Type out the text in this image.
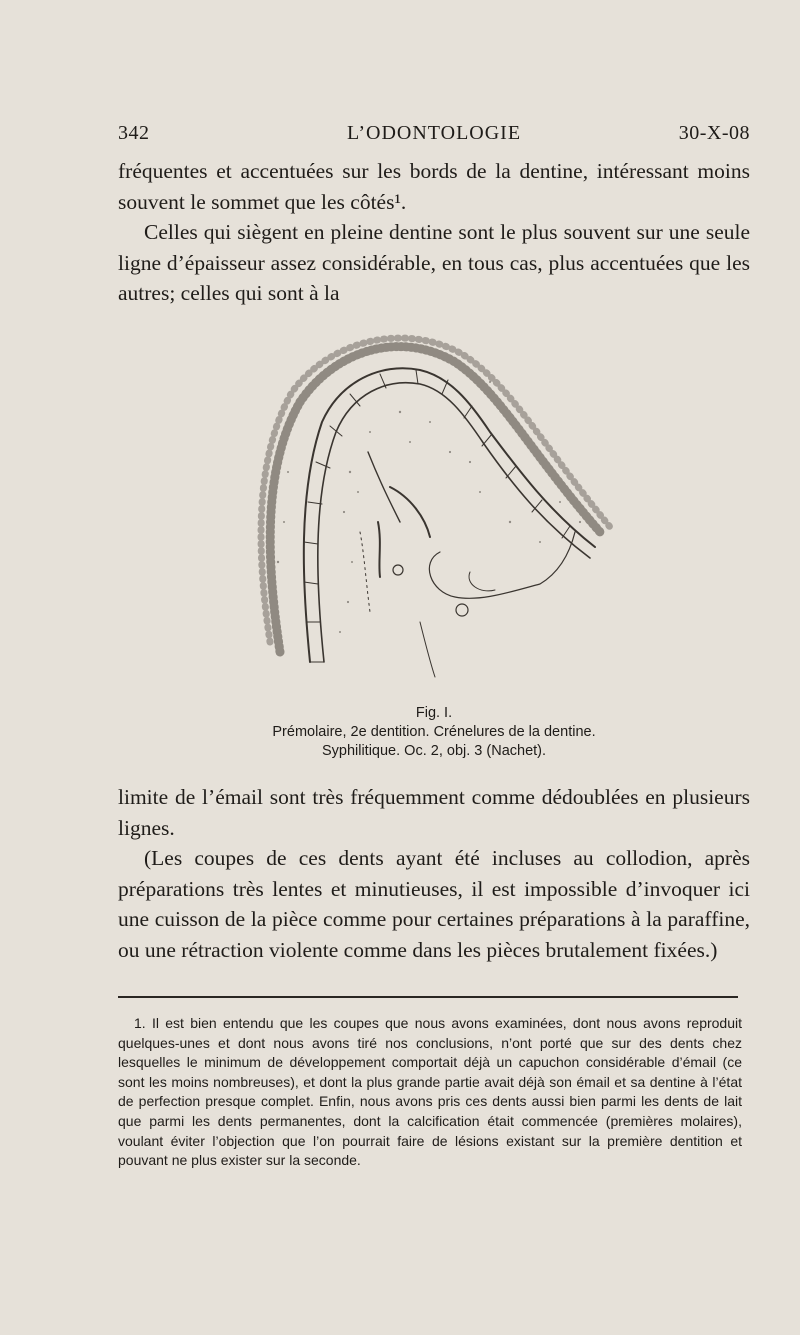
342	L’ODONTOLOGIE	30-X-08

fréquentes et accentuées sur les bords de la dentine, intéressant moins souvent le sommet que les côtés¹.

Celles qui siègent en pleine dentine sont le plus souvent sur une seule ligne d’épaisseur assez considérable, en tous cas, plus accentuées que les autres; celles qui sont à la

Fig. I.
Prémolaire, 2e dentition. Crénelures de la dentine.
Syphilitique. Oc. 2, obj. 3 (Nachet).

limite de l’émail sont très fréquemment comme dédoublées en plusieurs lignes.

(Les coupes de ces dents ayant été incluses au collodion, après préparations très lentes et minutieuses, il est impossible d’invoquer ici une cuisson de la pièce comme pour certaines préparations à la paraffine, ou une rétraction violente comme dans les pièces brutalement fixées.)

1. Il est bien entendu que les coupes que nous avons examinées, dont nous avons reproduit quelques-unes et dont nous avons tiré nos conclusions, n’ont porté que sur des dents chez lesquelles le minimum de développement comportait déjà un capuchon considérable d’émail (ce sont les moins nombreuses), et dont la plus grande partie avait déjà son émail et sa dentine à l’état de perfection presque complet. Enfin, nous avons pris ces dents aussi bien parmi les dents de lait que parmi les dents permanentes, dont la calcification était commencée (premières molaires), voulant éviter l’objection que l’on pourrait faire de lésions existant sur la première dentition et pouvant ne plus exister sur la seconde.
